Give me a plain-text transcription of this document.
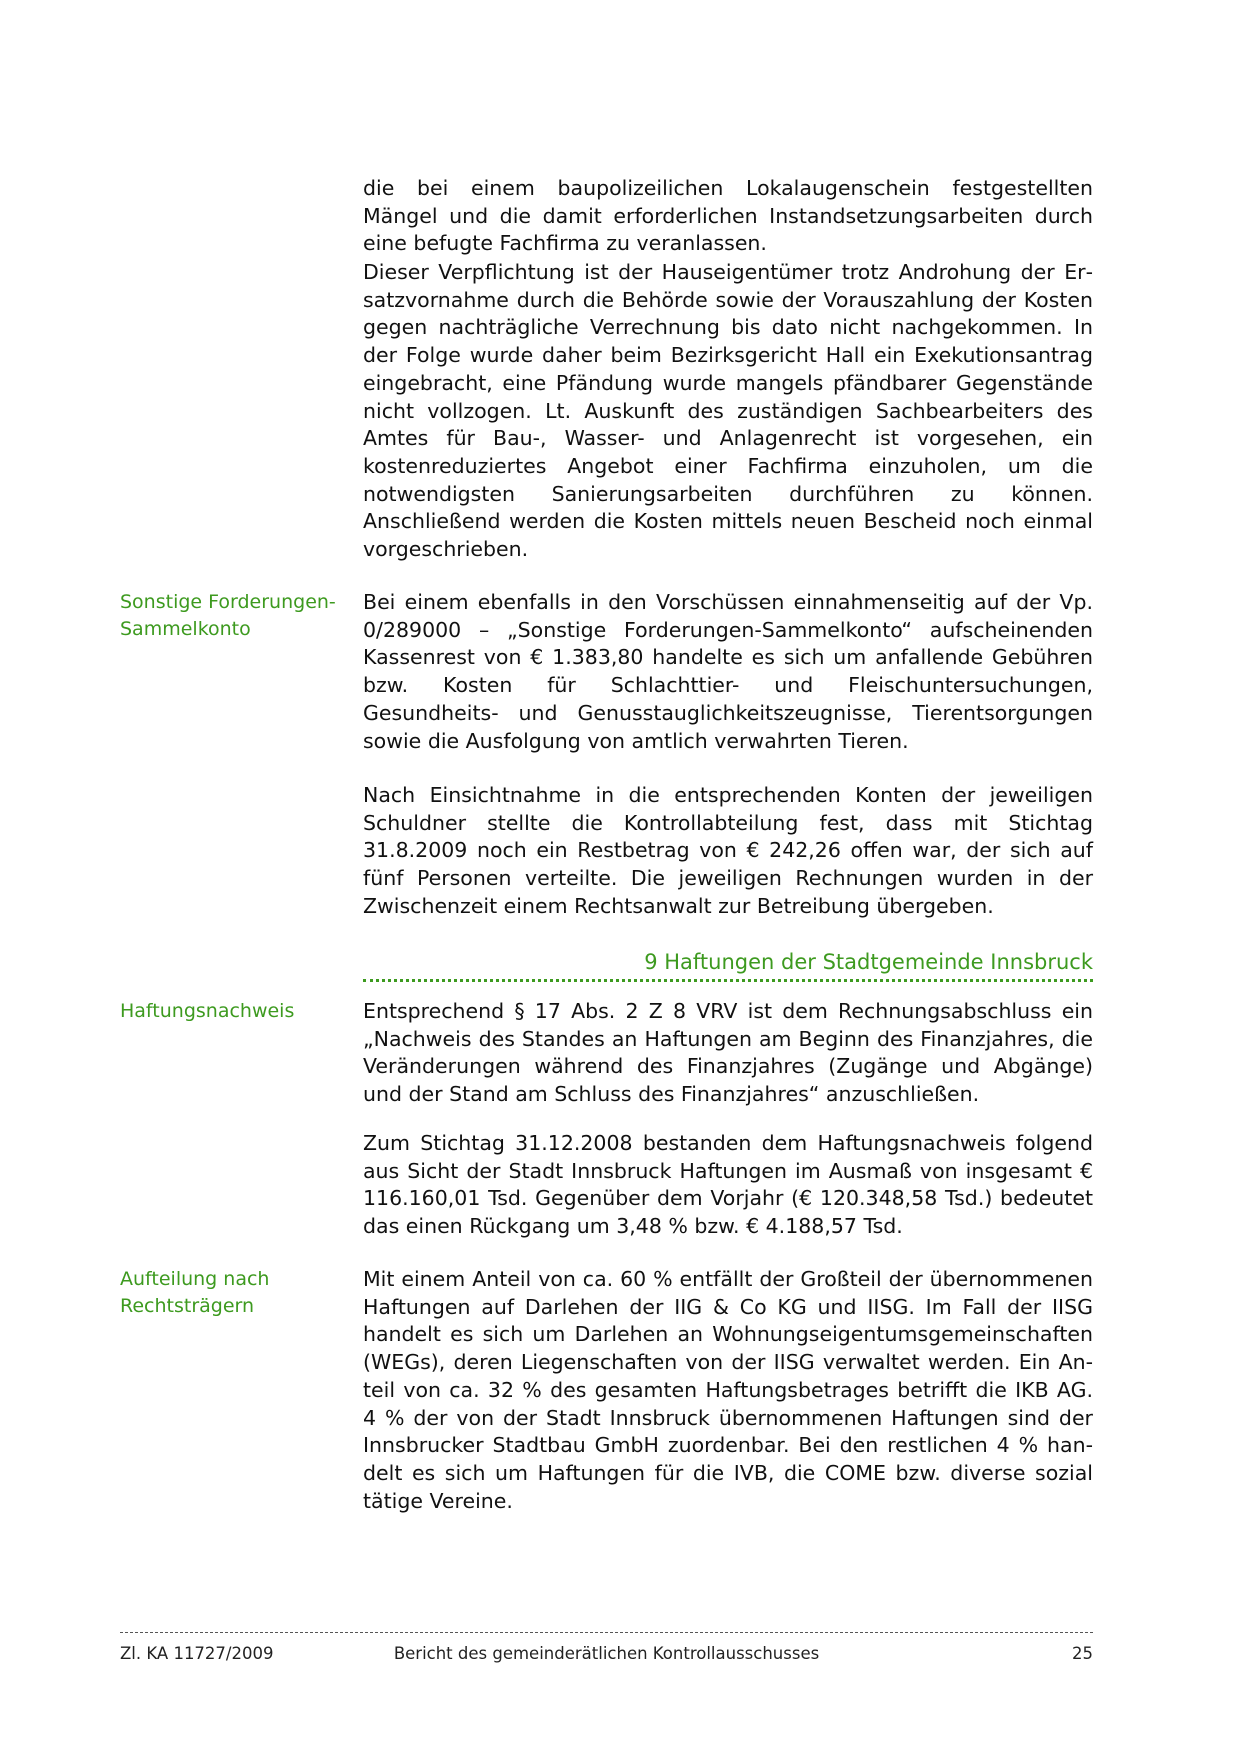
die bei einem baupolizeilichen Lokalaugenschein festgestellten Mängel und die damit erforderlichen Instandsetzungsarbeiten durch eine befugte Fachfirma zu veranlassen.

Dieser Verpflichtung ist der Hauseigentümer trotz Androhung der Ersatzvornahme durch die Behörde sowie der Vorauszahlung der Kosten gegen nachträgliche Verrechnung bis dato nicht nachgekommen. In der Folge wurde daher beim Bezirksgericht Hall ein Exekutionsantrag eingebracht, eine Pfändung wurde mangels pfändbarer Gegenstände nicht vollzogen. Lt. Auskunft des zuständigen Sachbearbeiters des Amtes für Bau-, Wasser- und Anlagenrecht ist vorgesehen, ein kostenreduziertes Angebot einer Fachfirma einzuholen, um die notwendigsten Sanierungsarbeiten durchführen zu können. Anschließend werden die Kosten mittels neuen Bescheid noch einmal vorgeschrieben.

Sonstige Forderungen-
Sammelkonto

Bei einem ebenfalls in den Vorschüssen einnahmenseitig auf der Vp. 0/289000 – „Sonstige Forderungen-Sammelkonto“ aufscheinenden Kassenrest von € 1.383,80 handelte es sich um anfallende Gebühren bzw. Kosten für Schlachttier- und Fleischuntersuchungen, Gesundheits- und Genusstauglichkeitszeugnisse, Tierentsorgungen sowie die Ausfolgung von amtlich verwahrten Tieren.

Nach Einsichtnahme in die entsprechenden Konten der jeweiligen Schuldner stellte die Kontrollabteilung fest, dass mit Stichtag 31.8.2009 noch ein Restbetrag von € 242,26 offen war, der sich auf fünf Personen verteilte. Die jeweiligen Rechnungen wurden in der Zwischenzeit einem Rechtsanwalt zur Betreibung übergeben.

9 Haftungen der Stadtgemeinde Innsbruck
Haftungsnachweis	Entsprechend § 17 Abs. 2 Z 8 VRV ist dem Rechnungsabschluss ein „Nachweis des Standes an Haftungen am Beginn des Finanzjahres, die Veränderungen während des Finanzjahres (Zugänge und Abgänge) und der Stand am Schluss des Finanzjahres“ anzuschließen.

Zum Stichtag 31.12.2008 bestanden dem Haftungsnachweis folgend aus Sicht der Stadt Innsbruck Haftungen im Ausmaß von insgesamt € 116.160,01 Tsd. Gegenüber dem Vorjahr (€ 120.348,58 Tsd.) bedeutet das einen Rückgang um 3,48 % bzw. € 4.188,57 Tsd.

Aufteilung nach
Rechtsträgern

Mit einem Anteil von ca. 60 % entfällt der Großteil der übernommenen Haftungen auf Darlehen der IIG & Co KG und IISG. Im Fall der IISG handelt es sich um Darlehen an Wohnungseigentumsgemeinschaften (WEGs), deren Liegenschaften von der IISG verwaltet werden. Ein Anteil von ca. 32 % des gesamten Haftungsbetrages betrifft die IKB AG. 4 % der von der Stadt Innsbruck übernommenen Haftungen sind der Innsbrucker Stadtbau GmbH zuordenbar. Bei den restlichen 4 % handelt es sich um Haftungen für die IVB, die COME bzw. diverse sozial tätige Vereine.

Zl. KA 11727/2009	Bericht des gemeinderätlichen Kontrollausschusses	25
